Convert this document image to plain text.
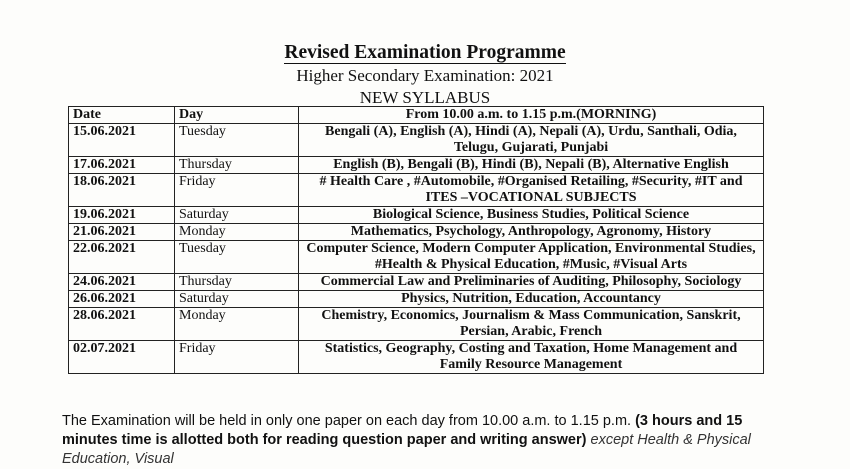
Revised Examination Programme
Higher Secondary Examination: 2021
NEW SYLLABUS
Date	Day	From 10.00 a.m. to 1.15 p.m.(MORNING)
15.06.2021	Tuesday	Bengali (A), English (A), Hindi (A), Nepali (A), Urdu, Santhali, Odia, Telugu, Gujarati, Punjabi
17.06.2021	Thursday	English (B), Bengali (B), Hindi (B), Nepali (B), Alternative English
18.06.2021	Friday	# Health Care , #Automobile, #Organised Retailing, #Security, #IT and ITES –VOCATIONAL SUBJECTS
19.06.2021	Saturday	Biological Science, Business Studies, Political Science
21.06.2021	Monday	Mathematics, Psychology, Anthropology, Agronomy, History
22.06.2021	Tuesday	Computer Science, Modern Computer Application, Environmental Studies, #Health & Physical Education, #Music, #Visual Arts
24.06.2021	Thursday	Commercial Law and Preliminaries of Auditing, Philosophy, Sociology
26.06.2021	Saturday	Physics, Nutrition, Education, Accountancy
28.06.2021	Monday	Chemistry, Economics, Journalism & Mass Communication, Sanskrit, Persian, Arabic, French
02.07.2021	Friday	Statistics, Geography, Costing and Taxation, Home Management and Family Resource Management
The Examination will be held in only one paper on each day from 10.00 a.m. to 1.15 p.m. (3 hours and 15 minutes time is allotted both for reading question paper and writing answer) except Health & Physical Education, Visual
